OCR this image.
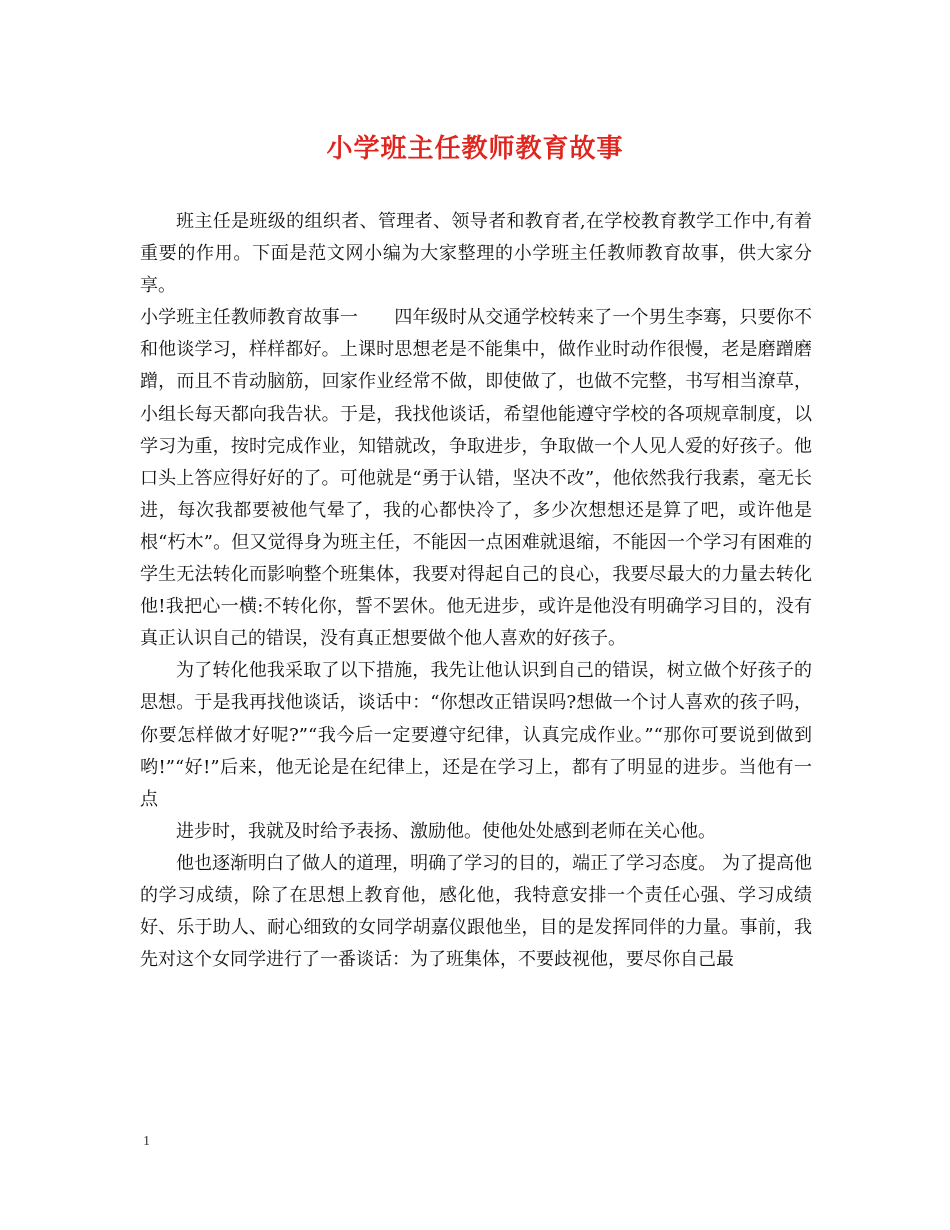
小学班主任教师教育故事

班主任是班级的组织者、管理者、领导者和教育者,在学校教育教学工作中,有着重要的作用。下面是范文网小编为大家整理的小学班主任教师教育故事，供大家分享。

小学班主任教师教育故事一　　四年级时从交通学校转来了一个男生李骞，只要你不和他谈学习，样样都好。上课时思想老是不能集中，做作业时动作很慢，老是磨蹭磨蹭，而且不肯动脑筋，回家作业经常不做，即使做了，也做不完整，书写相当潦草，小组长每天都向我告状。于是，我找他谈话，希望他能遵守学校的各项规章制度，以学习为重，按时完成作业，知错就改，争取进步，争取做一个人见人爱的好孩子。他口头上答应得好好的了。可他就是“勇于认错，坚决不改”，他依然我行我素，毫无长进，每次我都要被他气晕了，我的心都快冷了，多少次想想还是算了吧，或许他是根“朽木”。但又觉得身为班主任，不能因一点困难就退缩，不能因一个学习有困难的学生无法转化而影响整个班集体，我要对得起自己的良心，我要尽最大的力量去转化他!我把心一横:不转化你，誓不罢休。他无进步，或许是他没有明确学习目的，没有真正认识自己的错误，没有真正想要做个他人喜欢的好孩子。

为了转化他我采取了以下措施，我先让他认识到自己的错误，树立做个好孩子的思想。于是我再找他谈话，谈话中：“你想改正错误吗?想做一个讨人喜欢的孩子吗，你要怎样做才好呢?”“我今后一定要遵守纪律，认真完成作业。”“那你可要说到做到哟!”“好!”后来，他无论是在纪律上，还是在学习上，都有了明显的进步。当他有一点

进步时，我就及时给予表扬、激励他。使他处处感到老师在关心他。

他也逐渐明白了做人的道理，明确了学习的目的，端正了学习态度。 为了提高他的学习成绩，除了在思想上教育他，感化他，我特意安排一个责任心强、学习成绩好、乐于助人、耐心细致的女同学胡嘉仪跟他坐，目的是发挥同伴的力量。事前，我先对这个女同学进行了一番谈话：为了班集体，不要歧视他，要尽你自己最

1
